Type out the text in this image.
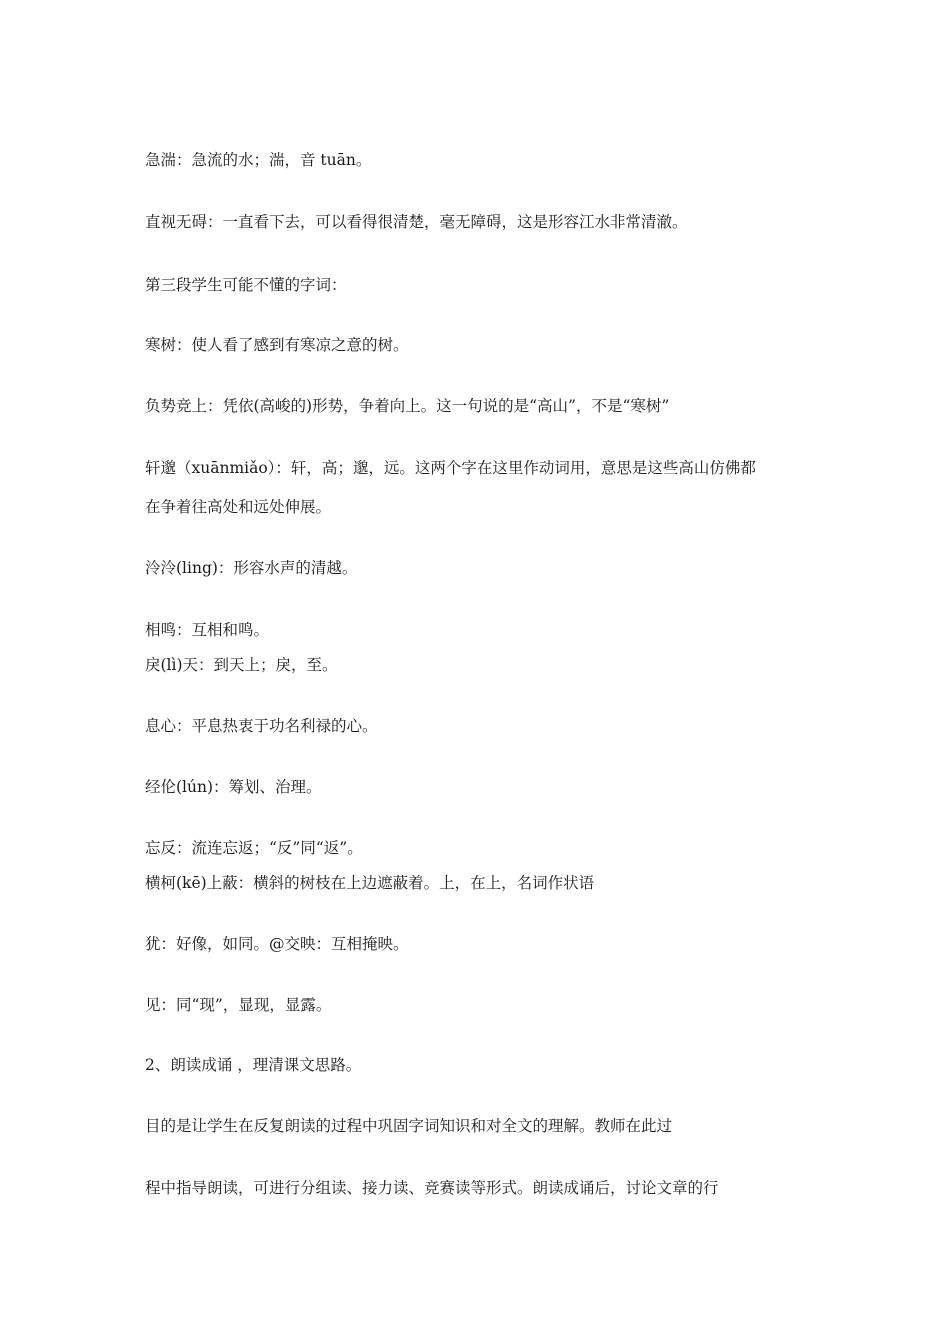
急湍：急流的水；湍，音 tuān。

直视无碍：一直看下去，可以看得很清楚，毫无障碍，这是形容江水非常清澈。

第三段学生可能不懂的字词：

寒树：使人看了感到有寒凉之意的树。

负势竞上：凭依(高峻的)形势，争着向上。这一句说的是“高山”，不是“寒树”

轩邈（xuānmiǎo）：轩，高；邈，远。这两个字在这里作动词用，意思是这些高山仿佛都

在争着往高处和远处伸展。

泠泠(ling)：形容水声的清越。

相鸣：互相和鸣。

戾(lì)天：到天上；戾，至。

息心：平息热衷于功名利禄的心。

经伦(lún)：筹划、治理。

忘反：流连忘返；“反”同“返”。

横柯(kē)上蔽：横斜的树枝在上边遮蔽着。上，在上，名词作状语

犹：好像，如同。@交映：互相掩映。

见：同“现”，显现，显露。

2、朗读成诵 ，理清课文思路。

目的是让学生在反复朗读的过程中巩固字词知识和对全文的理解。教师在此过

程中指导朗读，可进行分组读、接力读、竞赛读等形式。朗读成诵后，讨论文章的行
